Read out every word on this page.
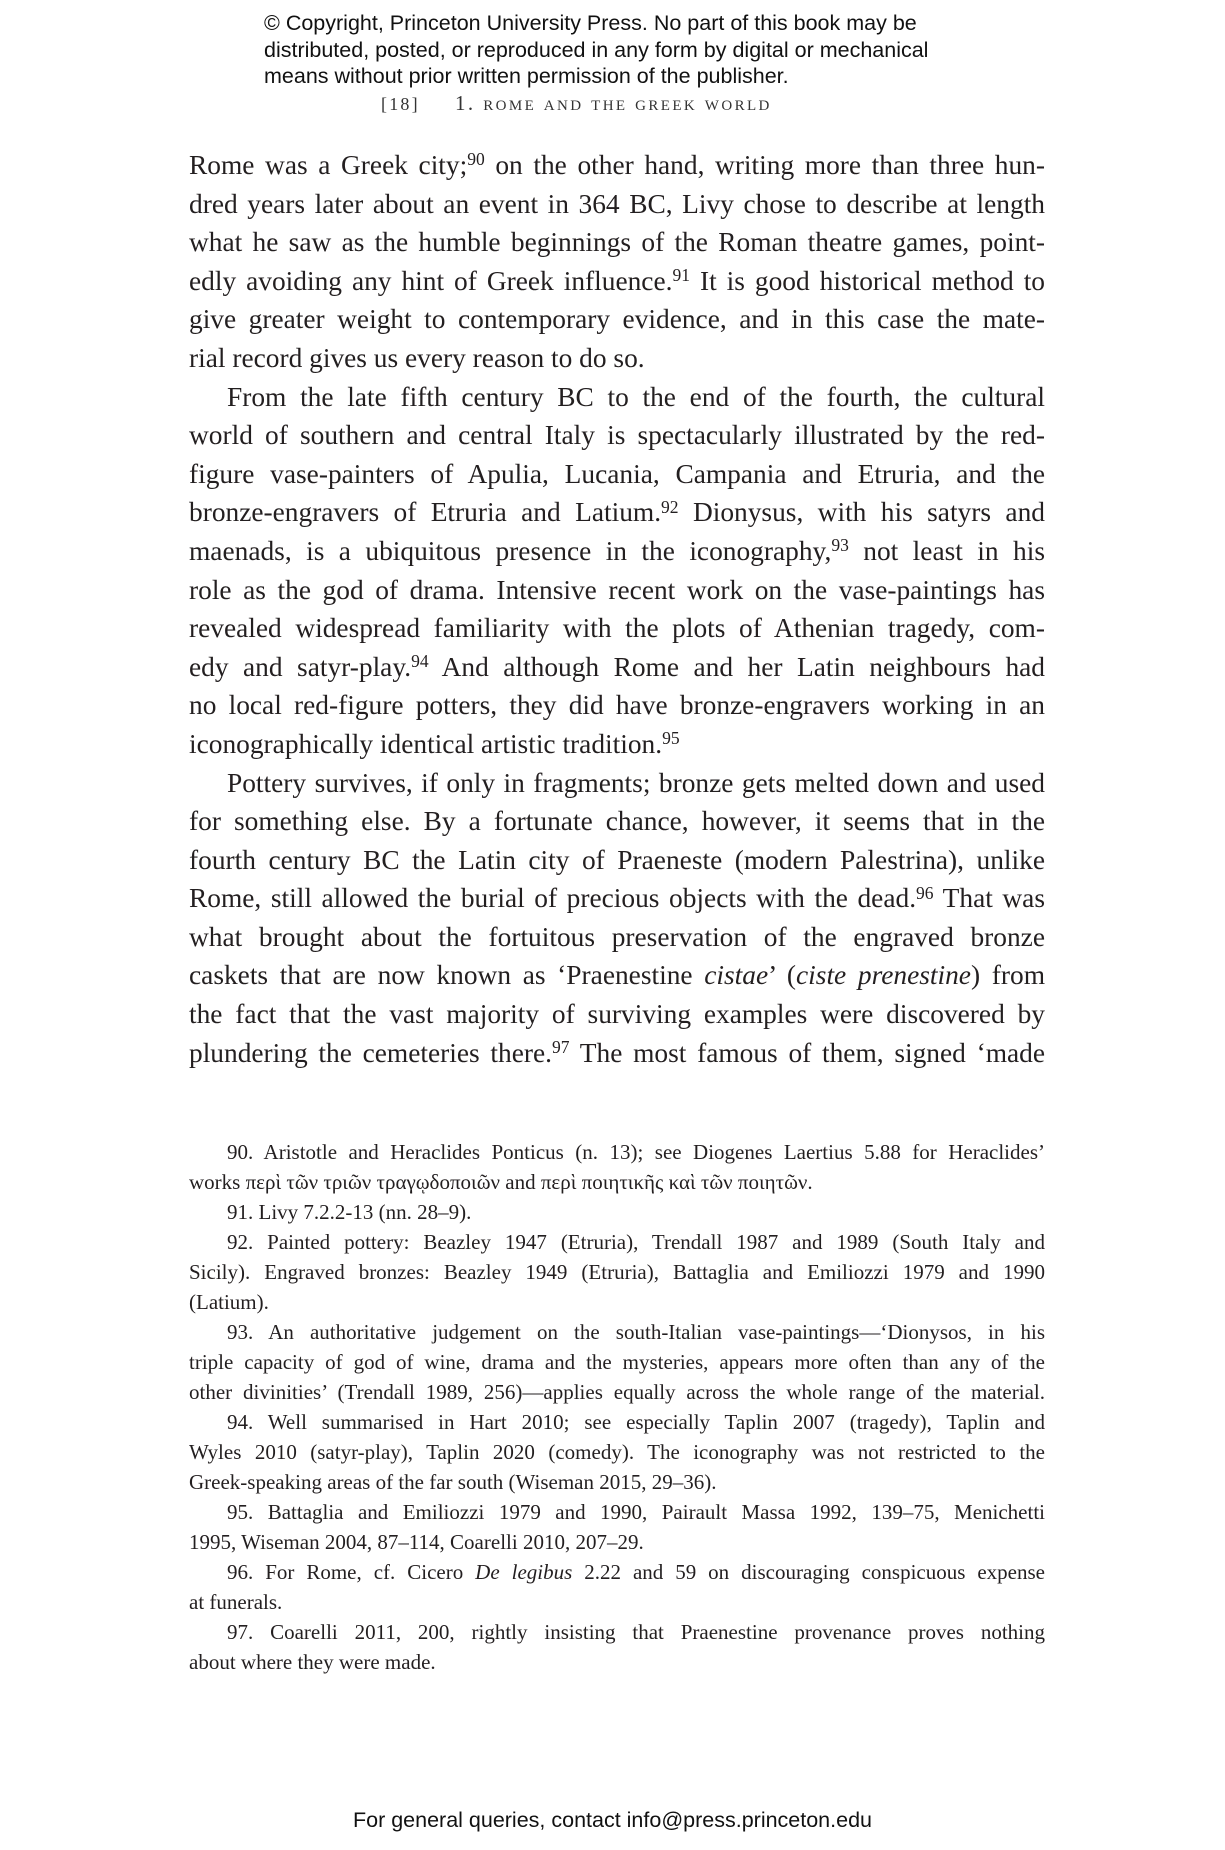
© Copyright, Princeton University Press. No part of this book may be
distributed, posted, or reproduced in any form by digital or mechanical
means without prior written permission of the publisher.
[18] 1. rome and the greek world
Rome was a Greek city;$^{90}$ on the other hand, writing more than three hun-
dred years later about an event in 364 BC, Livy chose to describe at length
what he saw as the humble beginnings of the Roman theatre games, point-
edly avoiding any hint of Greek influence.$^{91}$ It is good historical method to
give greater weight to contemporary evidence, and in this case the mate-
rial record gives us every reason to do so.
From the late fifth century BC to the end of the fourth, the cultural
world of southern and central Italy is spectacularly illustrated by the red-
figure vase-painters of Apulia, Lucania, Campania and Etruria, and the
bronze-engravers of Etruria and Latium.$^{92}$ Dionysus, with his satyrs and
maenads, is a ubiquitous presence in the iconography,$^{93}$ not least in his
role as the god of drama. Intensive recent work on the vase-paintings has
revealed widespread familiarity with the plots of Athenian tragedy, com-
edy and satyr-play.$^{94}$ And although Rome and her Latin neighbours had
no local red-figure potters, they did have bronze-engravers working in an
iconographically identical artistic tradition.$^{95}$
Pottery survives, if only in fragments; bronze gets melted down and used
for something else. By a fortunate chance, however, it seems that in the
fourth century BC the Latin city of Praeneste (modern Palestrina), unlike
Rome, still allowed the burial of precious objects with the dead.$^{96}$ That was
what brought about the fortuitous preservation of the engraved bronze
caskets that are now known as ‘Praenestine cistae’ (ciste prenestine) from
the fact that the vast majority of surviving examples were discovered by
plundering the cemeteries there.$^{97}$ The most famous of them, signed ‘made
90. Aristotle and Heraclides Ponticus (n. 13); see Diogenes Laertius 5.88 for Heraclides’
works περὶ τῶν τριῶν τραγῳδοποιῶν and περὶ ποιητικῆς καὶ τῶν ποιητῶν.
91. Livy 7.2.2-13 (nn. 28–9).
92. Painted pottery: Beazley 1947 (Etruria), Trendall 1987 and 1989 (South Italy and
Sicily). Engraved bronzes: Beazley 1949 (Etruria), Battaglia and Emiliozzi 1979 and 1990
(Latium).
93. An authoritative judgement on the south-Italian vase-paintings—‘Dionysos, in his
triple capacity of god of wine, drama and the mysteries, appears more often than any of the
other divinities’ (Trendall 1989, 256)—applies equally across the whole range of the material.
94. Well summarised in Hart 2010; see especially Taplin 2007 (tragedy), Taplin and
Wyles 2010 (satyr-play), Taplin 2020 (comedy). The iconography was not restricted to the
Greek-speaking areas of the far south (Wiseman 2015, 29–36).
95. Battaglia and Emiliozzi 1979 and 1990, Pairault Massa 1992, 139–75, Menichetti
1995, Wiseman 2004, 87–114, Coarelli 2010, 207–29.
96. For Rome, cf. Cicero De legibus 2.22 and 59 on discouraging conspicuous expense
at funerals.
97. Coarelli 2011, 200, rightly insisting that Praenestine provenance proves nothing
about where they were made.
For general queries, contact info@press.princeton.edu
